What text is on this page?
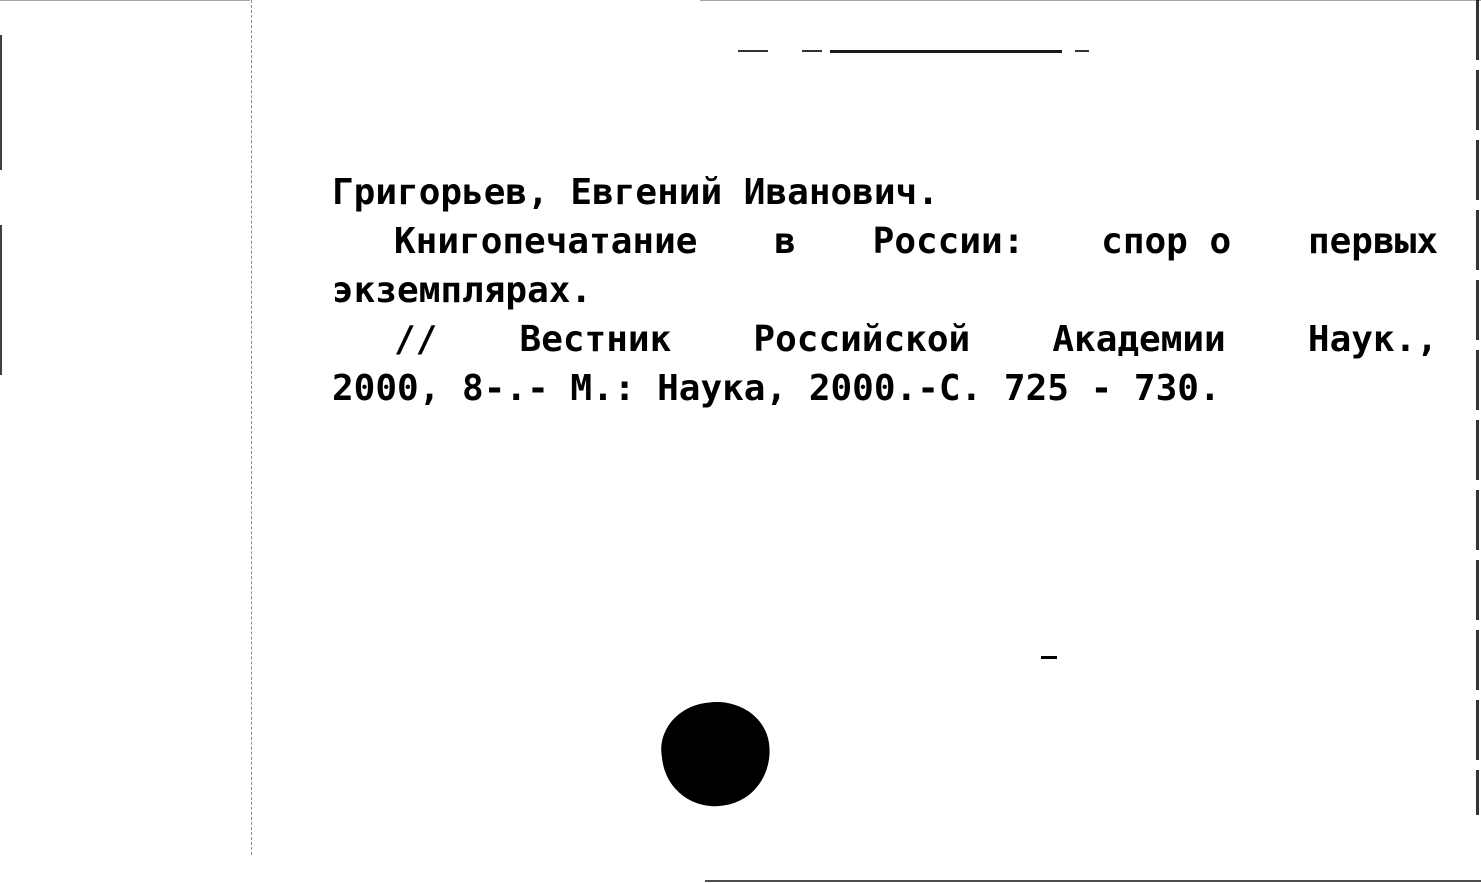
Григорьев, Евгений Иванович.
Книгопечатание в России: спор о первых
экземплярах.
// Вестник Российской Академии Наук.,
2000, 8-.- М.: Наука, 2000.-С. 725 - 730.
